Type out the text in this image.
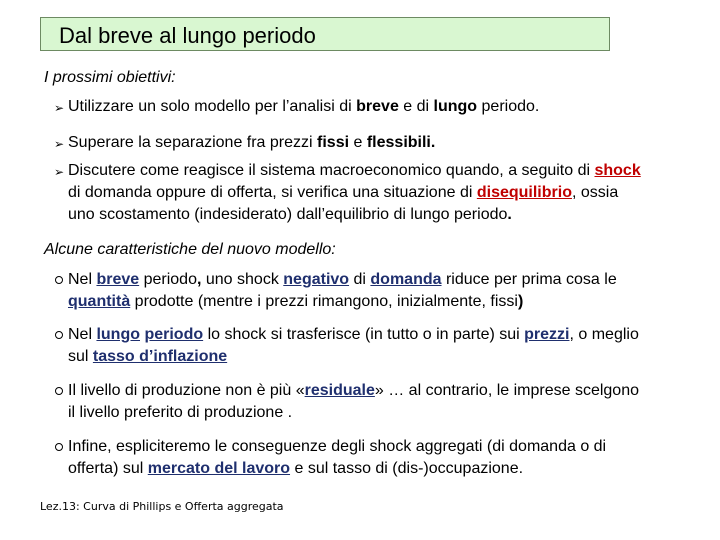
Dal breve al lungo periodo
I prossimi obiettivi:
➢ Utilizzare un solo modello per l’analisi di breve e di lungo periodo.
➢ Superare la separazione fra prezzi fissi e flessibili.
➢ Discutere come reagisce il sistema macroeconomico quando, a seguito di shock
di domanda oppure di offerta, si verifica una situazione di disequilibrio, ossia
uno scostamento (indesiderato) dall’equilibrio di lungo periodo.
Alcune caratteristiche del nuovo modello:
Nel breve periodo, uno shock negativo di domanda riduce per prima cosa le
quantità prodotte (mentre i prezzi rimangono, inizialmente, fissi)
Nel lungo periodo lo shock si trasferisce (in tutto o in parte) sui prezzi, o meglio
sul tasso d’inflazione
Il livello di produzione non è più «residuale» … al contrario, le imprese scelgono
il livello preferito di produzione .
Infine, espliciteremo le conseguenze degli shock aggregati (di domanda o di
offerta) sul mercato del lavoro e sul tasso di (dis-)occupazione.
Lez.13: Curva di Phillips e Offerta aggregata
